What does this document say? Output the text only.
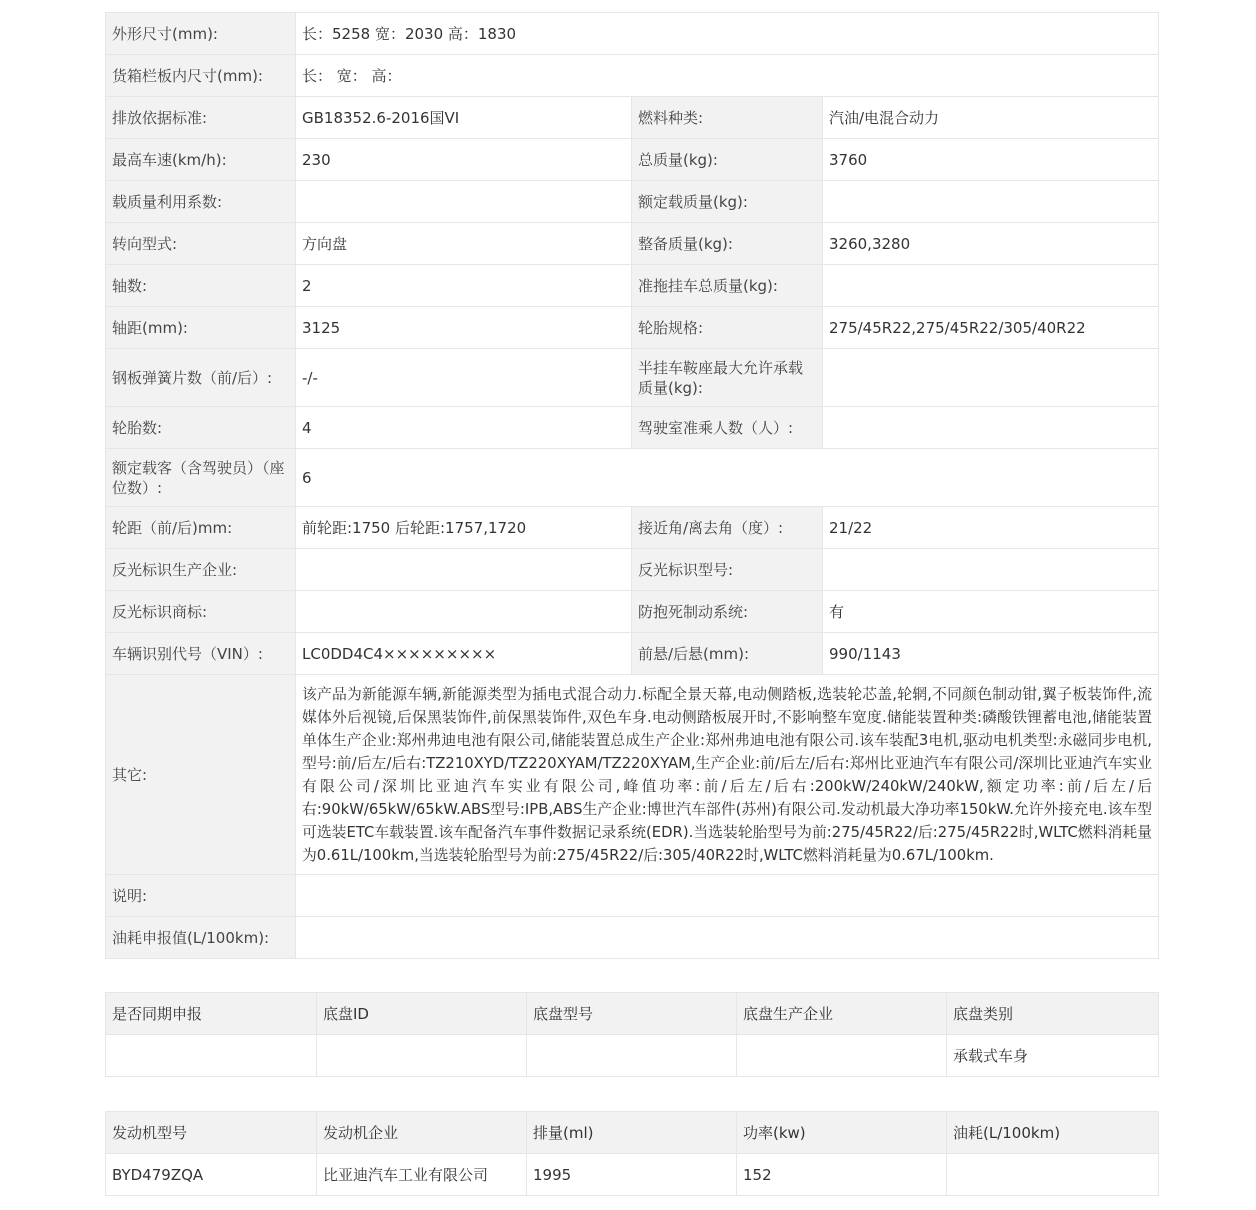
外形尺寸(mm):	长：5258 宽：2030 高：1830		
货箱栏板内尺寸(mm):	长： 宽： 高：		
排放依据标准:	GB18352.6-2016国VI	燃料种类:	汽油/电混合动力
最高车速(km/h):	230	总质量(kg):	3760
载质量利用系数:		额定载质量(kg):	
转向型式:	方向盘	整备质量(kg):	3260,3280
轴数:	2	准拖挂车总质量(kg):	
轴距(mm):	3125	轮胎规格:	275/45R22,275/45R22/305/40R22
钢板弹簧片数（前/后）:	-/-	半挂车鞍座最大允许承载质量(kg):	
轮胎数:	4	驾驶室准乘人数（人）:	
额定载客（含驾驶员）（座位数）:	6		
轮距（前/后)mm:	前轮距:1750 后轮距:1757,1720	接近角/离去角（度）:	21/22
反光标识生产企业:		反光标识型号:	
反光标识商标:		防抱死制动系统:	有
车辆识别代号（VIN）:	LC0DD4C4×××××××××	前悬/后悬(mm):	990/1143
其它:	该产品为新能源车辆,新能源类型为插电式混合动力.标配全景天幕,电动侧踏板,选装轮芯盖,轮辋,不同颜色制动钳,翼子板装饰件,流媒体外后视镜,后保黑装饰件,前保黑装饰件,双色车身.电动侧踏板展开时,不影响整车宽度.储能装置种类:磷酸铁锂蓄电池,储能装置单体生产企业:郑州弗迪电池有限公司,储能装置总成生产企业:郑州弗迪电池有限公司.该车装配3电机,驱动电机类型:永磁同步电机,型号:前/后左/后右:TZ210XYD/TZ220XYAM/TZ220XYAM,生产企业:前/后左/后右:郑州比亚迪汽车有限公司/深圳比亚迪汽车实业有限公司/深圳比亚迪汽车实业有限公司,峰值功率:前/后左/后右:200kW/240kW/240kW,额定功率:前/后左/后右:90kW/65kW/65kW.ABS型号:IPB,ABS生产企业:博世汽车部件(苏州)有限公司.发动机最大净功率150kW.允许外接充电.该车型可选装ETC车载装置.该车配备汽车事件数据记录系统(EDR).当选装轮胎型号为前:275/45R22/后:275/45R22时,WLTC燃料消耗量为0.61L/100km,当选装轮胎型号为前:275/45R22/后:305/40R22时,WLTC燃料消耗量为0.67L/100km.		
说明:			
油耗申报值(L/100km):			
是否同期申报	底盘ID	底盘型号	底盘生产企业	底盘类别
				承载式车身
发动机型号	发动机企业	排量(ml)	功率(kw)	油耗(L/100km)
BYD479ZQA	比亚迪汽车工业有限公司	1995	152	
